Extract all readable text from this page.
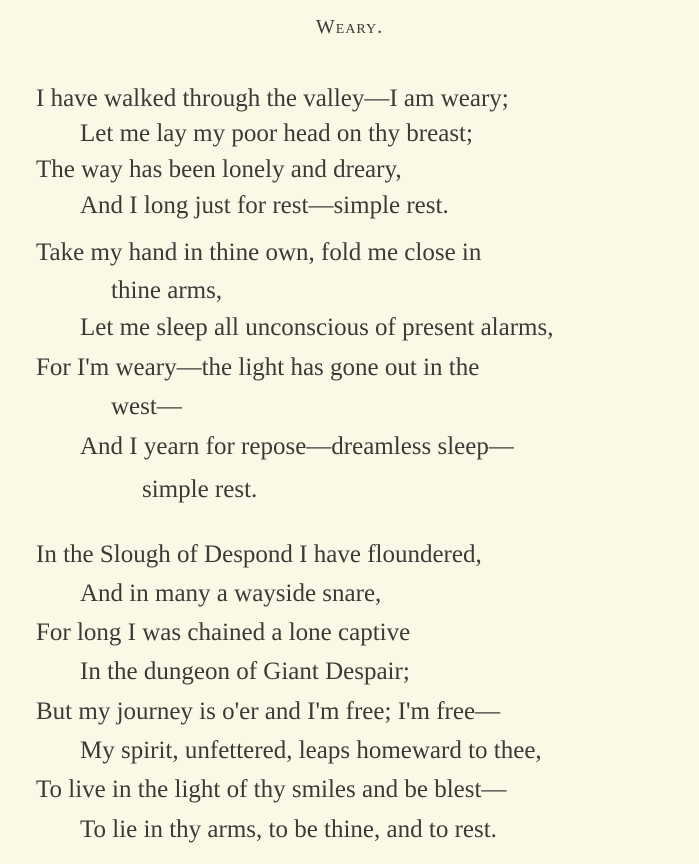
Weary.
I have walked through the valley—I am weary;
Let me lay my poor head on thy breast;
The way has been lonely and dreary,
And I long just for rest—simple rest.
Take my hand in thine own, fold me close in
thine arms,
Let me sleep all unconscious of present alarms,
For I'm weary—the light has gone out in the
west—
And I yearn for repose—dreamless sleep—
simple rest.
In the Slough of Despond I have floundered,
And in many a wayside snare,
For long I was chained a lone captive
In the dungeon of Giant Despair;
But my journey is o'er and I'm free; I'm free—
My spirit, unfettered, leaps homeward to thee,
To live in the light of thy smiles and be blest—
To lie in thy arms, to be thine, and to rest.
